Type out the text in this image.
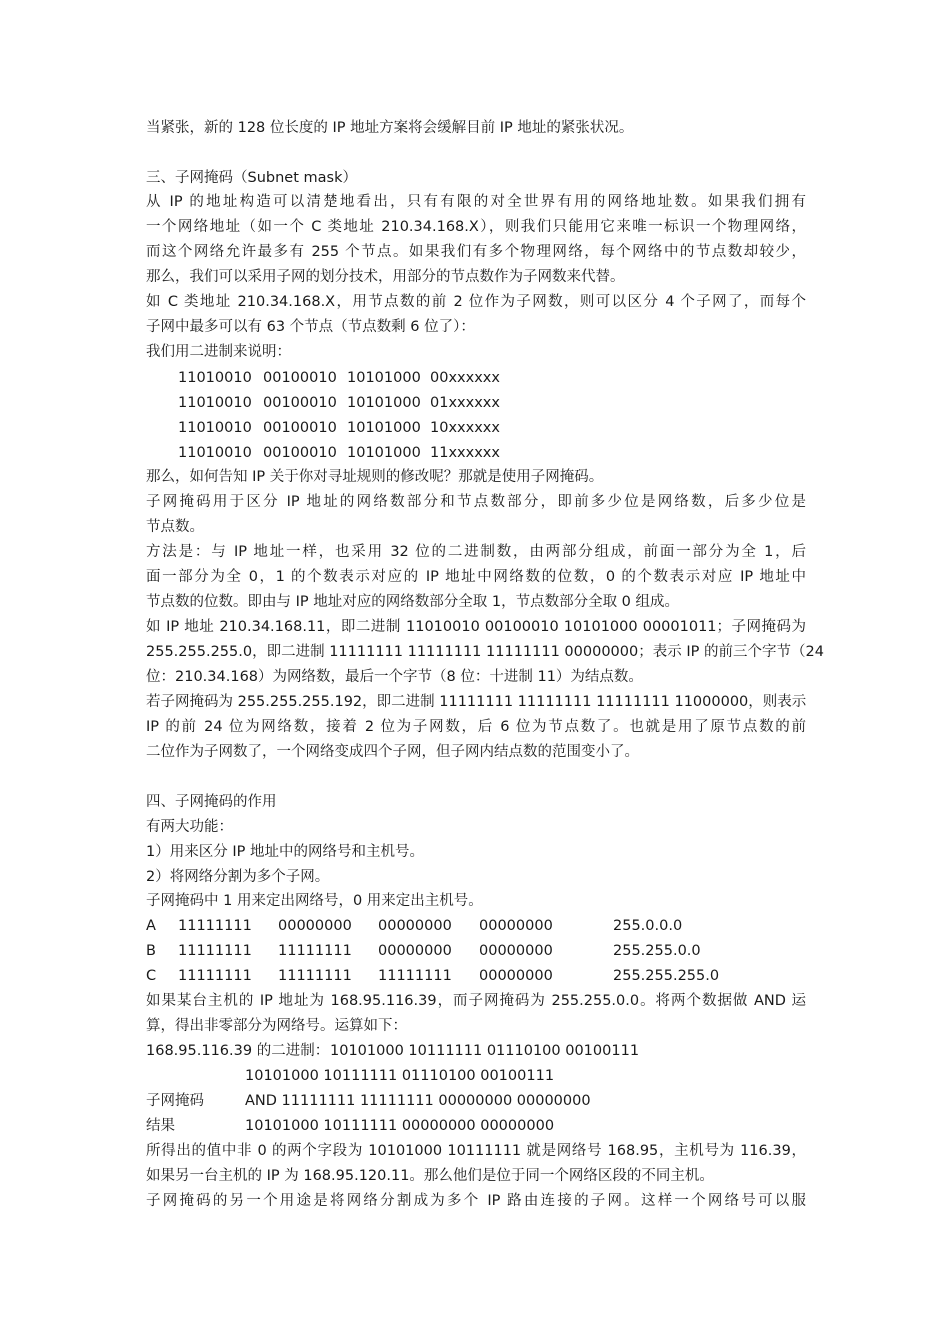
当紧张，新的 128 位长度的 IP 地址方案将会缓解目前 IP 地址的紧张状况。
三、子网掩码（Subnet mask）
从 IP 的地址构造可以清楚地看出，只有有限的对全世界有用的网络地址数。如果我们拥有
一个网络地址（如一个 C 类地址 210.34.168.X），则我们只能用它来唯一标识一个物理网络，
而这个网络允许最多有 255 个节点。如果我们有多个物理网络，每个网络中的节点数却较少，
那么，我们可以采用子网的划分技术，用部分的节点数作为子网数来代替。
如 C 类地址 210.34.168.X，用节点数的前 2 位作为子网数，则可以区分 4 个子网了，而每个
子网中最多可以有 63 个节点（节点数剩 6 位了）：
我们用二进制来说明：
11010010 00100010 10101000 00xxxxxx
11010010 00100010 10101000 01xxxxxx
11010010 00100010 10101000 10xxxxxx
11010010 00100010 10101000 11xxxxxx
那么，如何告知 IP 关于你对寻址规则的修改呢？那就是使用子网掩码。
子网掩码用于区分 IP 地址的网络数部分和节点数部分，即前多少位是网络数，后多少位是
节点数。
方法是：与 IP 地址一样，也采用 32 位的二进制数，由两部分组成，前面一部分为全 1，后
面一部分为全 0，1 的个数表示对应的 IP 地址中网络数的位数，0 的个数表示对应 IP 地址中
节点数的位数。即由与 IP 地址对应的网络数部分全取 1，节点数部分全取 0 组成。
如 IP 地址 210.34.168.11，即二进制 11010010 00100010 10101000 00001011；子网掩码为
255.255.255.0，即二进制 11111111 11111111 11111111 00000000；表示 IP 的前三个字节（24
位：210.34.168）为网络数，最后一个字节（8 位：十进制 11）为结点数。
若子网掩码为 255.255.255.192，即二进制 11111111 11111111 11111111 11000000，则表示
IP 的前 24 位为网络数，接着 2 位为子网数，后 6 位为节点数了。也就是用了原节点数的前
二位作为子网数了，一个网络变成四个子网，但子网内结点数的范围变小了。
四、子网掩码的作用
有两大功能：
1）用来区分 IP 地址中的网络号和主机号。
2）将网络分割为多个子网。
子网掩码中 1 用来定出网络号，0 用来定出主机号。
A 11111111 00000000 00000000 00000000	255.0.0.0
B 11111111 11111111 00000000 00000000	255.255.0.0
C 11111111 11111111 11111111 00000000	255.255.255.0
如果某台主机的 IP 地址为 168.95.116.39，而子网掩码为 255.255.0.0。将两个数据做 AND 运
算，得出非零部分为网络号。运算如下：
168.95.116.39 的二进制： 10101000 10111111 01110100 00100111
10101000 10111111 01110100 00100111
子网掩码	AND 11111111 11111111 00000000 00000000
结果	10101000 10111111 00000000 00000000
所得出的值中非 0 的两个字段为 10101000 10111111 就是网络号 168.95，主机号为 116.39，
如果另一台主机的 IP 为 168.95.120.11。那么他们是位于同一个网络区段的不同主机。
子网掩码的另一个用途是将网络分割成为多个 IP 路由连接的子网。这样一个网络号可以服
